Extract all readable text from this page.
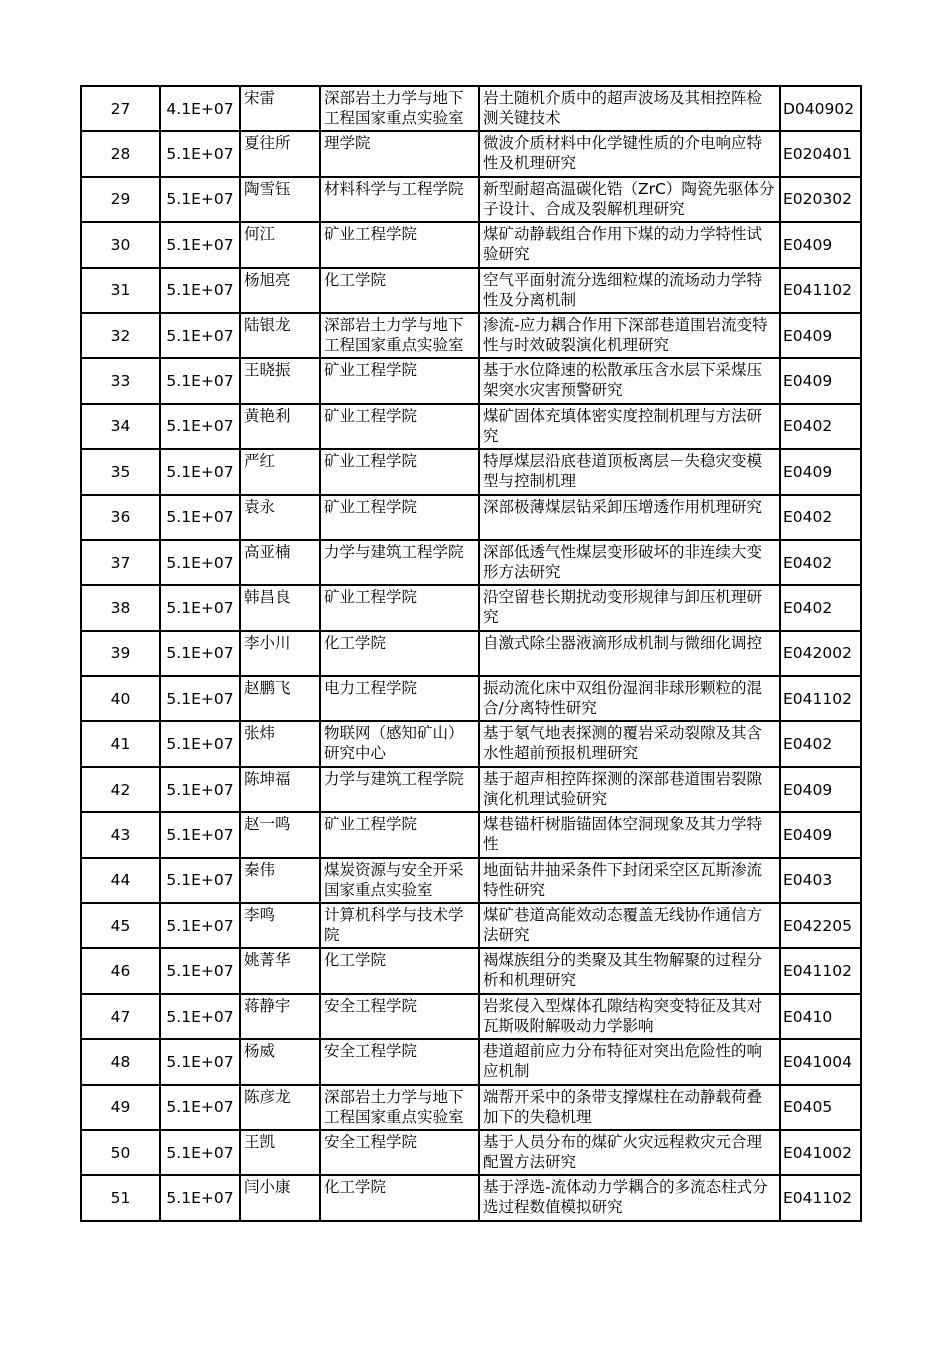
27	4.1E+07	宋雷	深部岩土力学与地下工程国家重点实验室	岩土随机介质中的超声波场及其相控阵检测关键技术	D040902
28	5.1E+07	夏往所	理学院	微波介质材料中化学键性质的介电响应特性及机理研究	E020401
29	5.1E+07	陶雪钰	材料科学与工程学院	新型耐超高温碳化锆（ZrC）陶瓷先驱体分子设计、合成及裂解机理研究	E020302
30	5.1E+07	何江	矿业工程学院	煤矿动静载组合作用下煤的动力学特性试验研究	E0409
31	5.1E+07	杨旭亮	化工学院	空气平面射流分选细粒煤的流场动力学特性及分离机制	E041102
32	5.1E+07	陆银龙	深部岩土力学与地下工程国家重点实验室	渗流-应力耦合作用下深部巷道围岩流变特性与时效破裂演化机理研究	E0409
33	5.1E+07	王晓振	矿业工程学院	基于水位降速的松散承压含水层下采煤压架突水灾害预警研究	E0409
34	5.1E+07	黄艳利	矿业工程学院	煤矿固体充填体密实度控制机理与方法研究	E0402
35	5.1E+07	严红	矿业工程学院	特厚煤层沿底巷道顶板离层－失稳灾变模型与控制机理	E0409
36	5.1E+07	袁永	矿业工程学院	深部极薄煤层钻采卸压增透作用机理研究	E0402
37	5.1E+07	高亚楠	力学与建筑工程学院	深部低透气性煤层变形破坏的非连续大变形方法研究	E0402
38	5.1E+07	韩昌良	矿业工程学院	沿空留巷长期扰动变形规律与卸压机理研究	E0402
39	5.1E+07	李小川	化工学院	自激式除尘器液滴形成机制与微细化调控	E042002
40	5.1E+07	赵鹏飞	电力工程学院	振动流化床中双组份湿润非球形颗粒的混合/分离特性研究	E041102
41	5.1E+07	张炜	物联网（感知矿山）研究中心	基于氡气地表探测的覆岩采动裂隙及其含水性超前预报机理研究	E0402
42	5.1E+07	陈坤福	力学与建筑工程学院	基于超声相控阵探测的深部巷道围岩裂隙演化机理试验研究	E0409
43	5.1E+07	赵一鸣	矿业工程学院	煤巷锚杆树脂锚固体空洞现象及其力学特性	E0409
44	5.1E+07	秦伟	煤炭资源与安全开采国家重点实验室	地面钻井抽采条件下封闭采空区瓦斯渗流特性研究	E0403
45	5.1E+07	李鸣	计算机科学与技术学院	煤矿巷道高能效动态覆盖无线协作通信方法研究	E042205
46	5.1E+07	姚菁华	化工学院	褐煤族组分的类聚及其生物解聚的过程分析和机理研究	E041102
47	5.1E+07	蒋静宇	安全工程学院	岩浆侵入型煤体孔隙结构突变特征及其对瓦斯吸附解吸动力学影响	E0410
48	5.1E+07	杨威	安全工程学院	巷道超前应力分布特征对突出危险性的响应机制	E041004
49	5.1E+07	陈彦龙	深部岩土力学与地下工程国家重点实验室	端帮开采中的条带支撑煤柱在动静载荷叠加下的失稳机理	E0405
50	5.1E+07	王凯	安全工程学院	基于人员分布的煤矿火灾远程救灾元合理配置方法研究	E041002
51	5.1E+07	闫小康	化工学院	基于浮选-流体动力学耦合的多流态柱式分选过程数值模拟研究	E041102
